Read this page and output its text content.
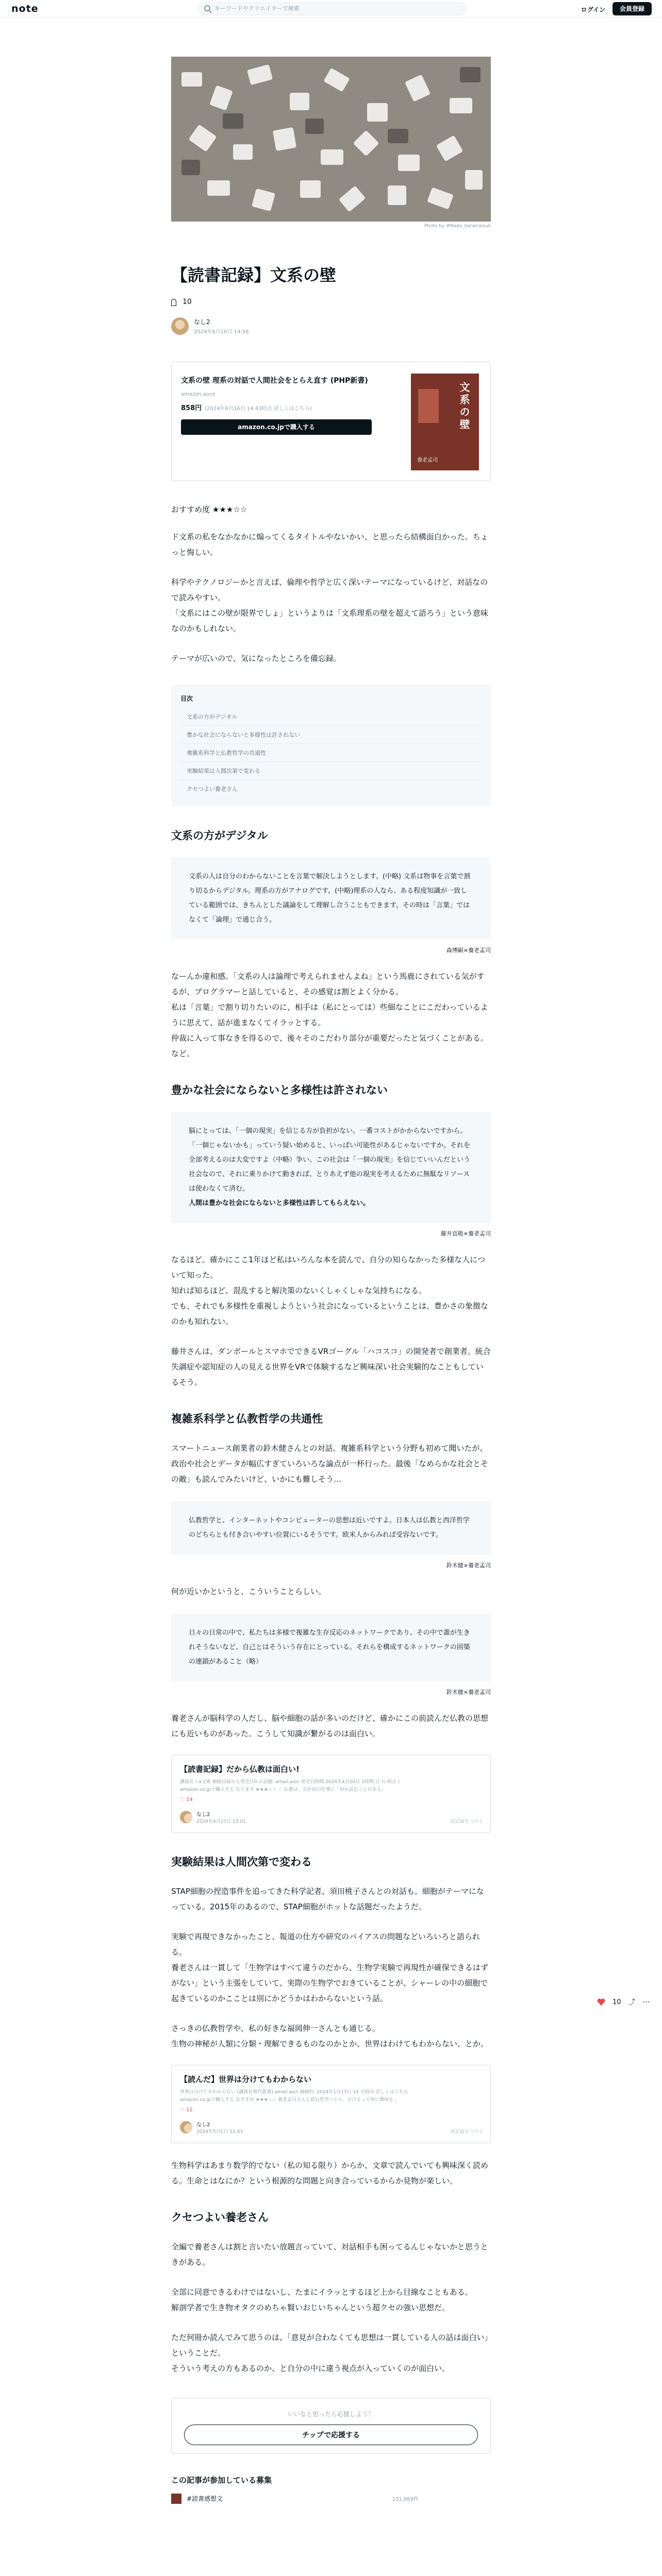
note	キーワードやクリエイターで検索	ログイン	会員登録
Photo by #Mako_kanenaisuk
【読書記録】文系の壁
10
なし2
2024年6月16日 14:58
文系の壁 理系の対話で人間社会をとらえ直す (PHP新書)
amazon.aoce
858円 (2024年6月16日 14:43時点 詳しくはこちら)
amazon.co.jpで購入する	文系の壁
養老孟司
おすすめ度 ★★★☆☆

ド文系の私をなかなかに煽ってくるタイトルやないかい、と思ったら結構面白かった。ちょっと悔しい。

科学やテクノロジーかと言えば、倫理や哲学と広く深いテーマになっているけど、対話なので読みやすい。
「文系にはこの壁が限界でしょ」というよりは「文系理系の壁を超えて語ろう」という意味なのかもしれない。

テーマが広いので、気になったところを備忘録。

目次
文系の方がデジタル
豊かな社会にならないと多様性は許されない
複雑系科学と仏教哲学の共通性
実験結果は人間次第で変わる
クセつよい養老さん
文系の方がデジタル
文系の人は自分のわからないことを言葉で解決しようとします。(中略) 文系は物事を言葉で割り切るからデジタル。理系の方がアナログです。(中略)理系の人なら、ある程度知識が一致している範囲では、きちんとした議論をして理解し合うこともできます。その時は「言葉」ではなくて「論理」で通じ合う。
森博嗣×養老孟司

なーんか違和感。「文系の人は論理で考えられませんよね」という馬鹿にされている気がするが、プログラマーと話していると、その感覚は割とよく分かる。
私は「言葉」で割り切りたいのに、相手は（私にとっては）些細なことにこだわっているように思えて、話が進まなくてイラッとする。
仲裁に入って事なきを得るので、後々そのこだわり部分が重要だったと気づくことがある。など。

豊かな社会にならないと多様性は許されない
脳にとっては、「一個の現実」を信じる方が負担がない。一番コストがかからないですから。「一個じゃないかも」っていう疑い始めると、いっぱい可能性があるじゃないですか。それを全部考えるのは大変ですよ（中略）争い、この社会は「一個の現実」を信じていいんだという社会なので、それに乗りかけて動きれば、とりあえず他の現実を考えるために無駄なリソースは使わなくて済む。
人間は豊かな社会にならないと多様性は許してもらえない。
藤井直敬×養老孟司

なるほど。確かにここ1年ほど私はいろんな本を読んで、自分の知らなかった多様な人について知った。
知れば知るほど、混乱すると解決策のないくしゃくしゃな気持ちになる。
でも、それでも多様性を重視しようという社会になっているということは、豊かさの象徴なのかも知れない。

藤井さんは、ダンボールとスマホでできるVRゴーグル「ハコスコ」の開発者で創業者。統合失調症や認知症の人の見える世界をVRで体験するなど興味深い社会実験的なこともしているそう。

複雑系科学と仏教哲学の共通性

スマートニュース創業者の鈴木健さんとの対話。複雑系科学という分野も初めて聞いたが、政治や社会とデータが幅広すぎていろいろな論点が一杯行った。最後「なめらかな社会とその敵」も読んでみたいけど、いかにも難しそう…

仏教哲学と、インターネットやコンピューターの思想は近いですよ。日本人は仏教と西洋哲学のどちらとも付き合いやすい位置にいるそうです。欧米人からみれば受容ないです。
鈴木健×養老孟司

何が近いかというと、こういうことらしい。

日々の日常の中で、私たちは多様で複雑な生存反応のネットワークであり、その中で誰が生きれそうないなど、自己とはそういう存在にとっている。それらを構成するネットワークの固築の連鎖があること（略）
鈴木健×養老孟司

養老さんが脳科学の人だし、脳や細胞の話が多いのだけど、確かにこの前読んだ仏教の思想にも近いものがあった。こうして知識が繋がるのは面白い。

【読書記録】だから仏教は面白い!
講談社＋α文庫 価格目録から発売日0.の話題: amail.asin 発売日時間 2024年4月20日 1時間 日 ½ 時点 / amazon.co.jpで購入する なります ★★★☆☆ ／ 仏教は、会社員の仕事に「何か活むことがある」
♡ 14
なし2
2024年4月27日 13:01	読記録をつける
実験結果は人間次第で変わる

STAP細胞の捏造事件を追ってきた科学記者、須田桃子さんとの対話も。細胞がテーマになっている。2015年のあるので、STAP細胞がホットな話題だったようだ。

実験で再現できなかったこと、報道の仕方や研究のバイアスの問題などいろいろと語られる。
養老さんは一貫して「生物学はすべて違うのだから、生物学実験で再現性が確保できるはずがない」という主張をしていて、実際の生物学でおきていることが、シャーレの中の細胞で起きているのかこことは別にかどうかはわからないという話。

さっきの仏教哲学や、私の好きな福岡伸一さんとも通じる。
生物の神秘が人類に分類・理解できるものなのかとか、世界はわけてもわからない、とか。

【読んだ】世界は分けてもわからない
世界は分けてもわからない (講談社現代新書) amail.asin 価値約. 2024年1月13日 14 小時点 詳しくはこちら amazon.co.jpで購入する おすすめ ★★★☆☆ 養老孟司さんと読む哲学バトル、分けるって何に興味を...
♡ 12
なし2
2024年5月1日 12:43	読記録をつける

生物科学はあまり数学的でない（私の知る限り）からか、文章で読んでいても興味深く読める。生命とはなにか？という根源的な問題と向き合っているからか見物が楽しい。

クセつよい養老さん

全編で養老さんは割と言いたい放題言っていて、対話相手も困ってるんじゃないかと思うときがある。

全部に同意できるわけではないし、たまにイラッとするほど上から目線なこともある。
解剖学者で生き物オタクのめちゃ賢いおじいちゃんという超クセの強い思想だ。

ただ何冊か読んでみて思うのは、「意見が合わなくても思想は一貫している人の話は面白い」ということだ。
そういう考えの方もあるのか、と自分の中に違う視点が入っていくのが面白い。

いいなと思ったら応援しよう！
チップで応援する
この記事が参加している募集
#読書感想文	231,869件
10 ⤴ ⋯
